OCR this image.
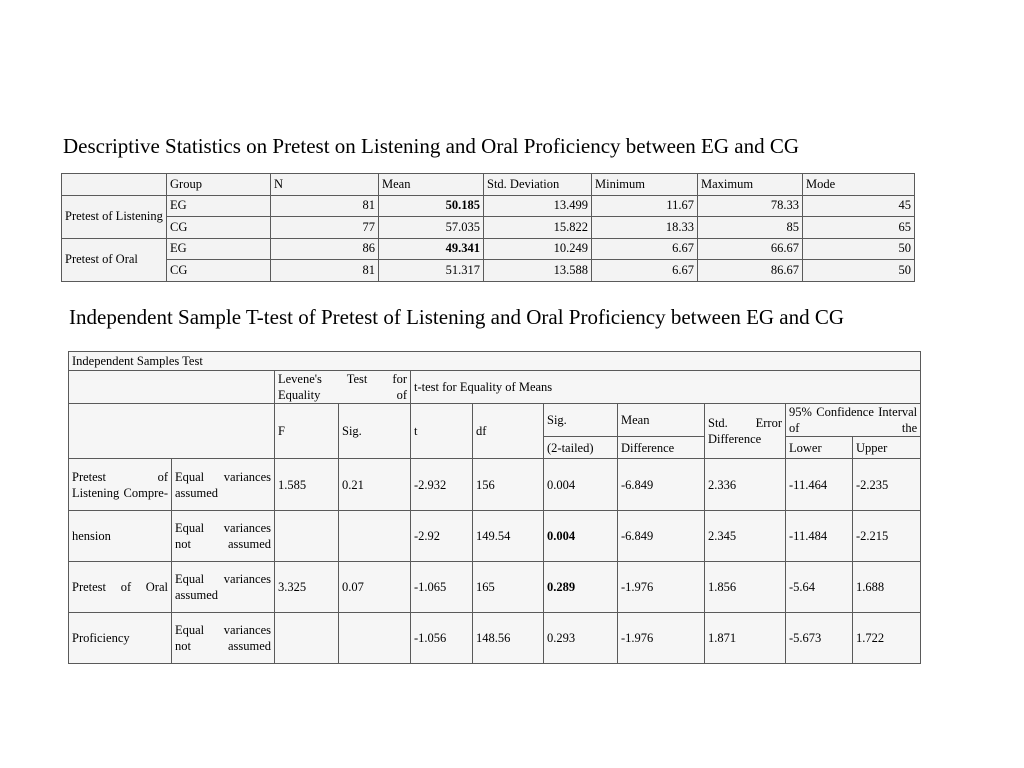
Descriptive Statistics on Pretest on Listening and Oral Proficiency between EG and CG
	Group	N	Mean	Std. Deviation	Minimum	Maximum	Mode
Pretest of Listening	EG	81	50.185	13.499	11.67	78.33	45
	CG	77	57.035	15.822	18.33	85	65
Pretest of Oral	EG	86	49.341	10.249	6.67	66.67	50
	CG	81	51.317	13.588	6.67	86.67	50
Independent Sample T-test of Pretest of Listening and Oral Proficiency between EG and CG
Independent Samples Test										
		Levene's Test for Equality of		t-test for Equality of Means						
		F	Sig.	t	df	Sig.	Mean	Std. Error Difference	95% Confidence Interval of the	
						(2-tailed)	Difference		Lower	Upper
Pretest of Listening Compre-	Equal variances assumed	1.585	0.21	-2.932	156	0.004	-6.849	2.336	-11.464	-2.235
hension	Equal variances not assumed			-2.92	149.54	0.004	-6.849	2.345	-11.484	-2.215
Pretest of Oral	Equal variances assumed	3.325	0.07	-1.065	165	0.289	-1.976	1.856	-5.64	1.688
Proficiency	Equal variances not assumed			-1.056	148.56	0.293	-1.976	1.871	-5.673	1.722
